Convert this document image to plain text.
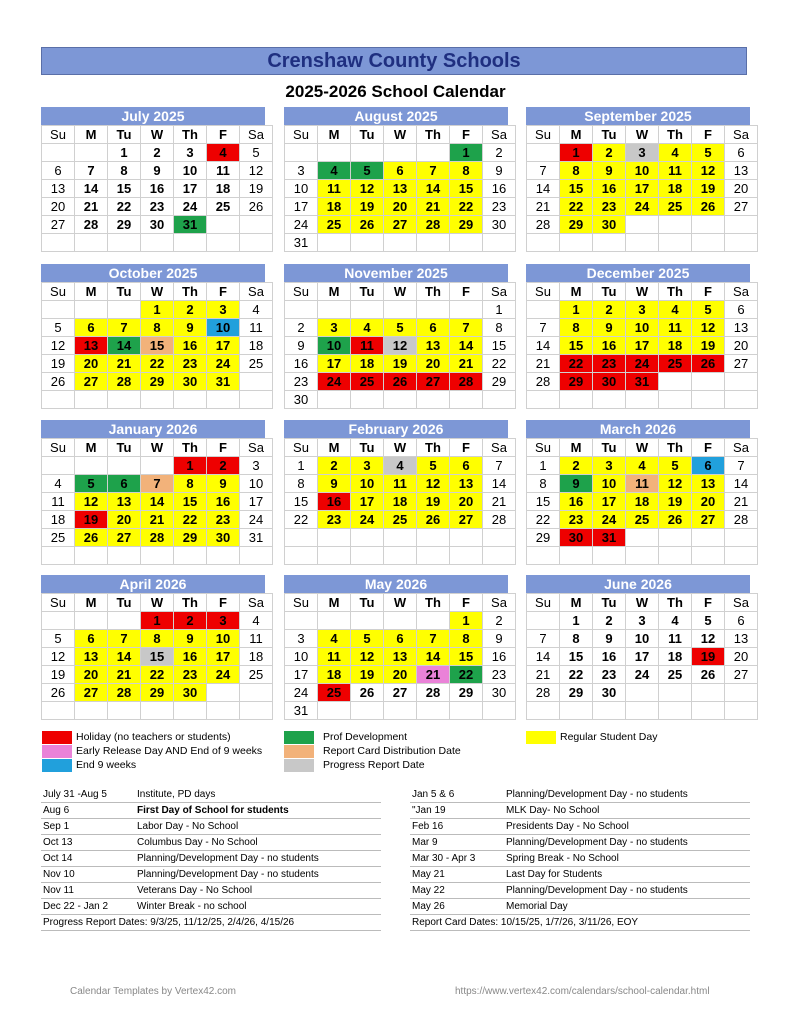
Crenshaw County Schools
2025-2026 School Calendar
July 2025
Su	M	Tu	W	Th	F	Sa
		1	2	3	4	5
6	7	8	9	10	11	12
13	14	15	16	17	18	19
20	21	22	23	24	25	26
27	28	29	30	31		

August 2025
Su	M	Tu	W	Th	F	Sa
					1	2
3	4	5	6	7	8	9
10	11	12	13	14	15	16
17	18	19	20	21	22	23
24	25	26	27	28	29	30
31						
September 2025
Su	M	Tu	W	Th	F	Sa
	1	2	3	4	5	6
7	8	9	10	11	12	13
14	15	16	17	18	19	20
21	22	23	24	25	26	27
28	29	30				

October 2025
Su	M	Tu	W	Th	F	Sa
			1	2	3	4
5	6	7	8	9	10	11
12	13	14	15	16	17	18
19	20	21	22	23	24	25
26	27	28	29	30	31	

November 2025
Su	M	Tu	W	Th	F	Sa
						1
2	3	4	5	6	7	8
9	10	11	12	13	14	15
16	17	18	19	20	21	22
23	24	25	26	27	28	29
30						
December 2025
Su	M	Tu	W	Th	F	Sa
	1	2	3	4	5	6
7	8	9	10	11	12	13
14	15	16	17	18	19	20
21	22	23	24	25	26	27
28	29	30	31			

January 2026
Su	M	Tu	W	Th	F	Sa
				1	2	3
4	5	6	7	8	9	10
11	12	13	14	15	16	17
18	19	20	21	22	23	24
25	26	27	28	29	30	31

February 2026
Su	M	Tu	W	Th	F	Sa
1	2	3	4	5	6	7
8	9	10	11	12	13	14
15	16	17	18	19	20	21
22	23	24	25	26	27	28

March 2026
Su	M	Tu	W	Th	F	Sa
1	2	3	4	5	6	7
8	9	10	11	12	13	14
15	16	17	18	19	20	21
22	23	24	25	26	27	28
29	30	31				

April 2026
Su	M	Tu	W	Th	F	Sa
			1	2	3	4
5	6	7	8	9	10	11
12	13	14	15	16	17	18
19	20	21	22	23	24	25
26	27	28	29	30		

May 2026
Su	M	Tu	W	Th	F	Sa
					1	2
3	4	5	6	7	8	9
10	11	12	13	14	15	16
17	18	19	20	21	22	23
24	25	26	27	28	29	30
31						
June 2026
Su	M	Tu	W	Th	F	Sa
	1	2	3	4	5	6
7	8	9	10	11	12	13
14	15	16	17	18	19	20
21	22	23	24	25	26	27
28	29	30				

Holiday (no teachers or students)
Early Release Day AND End of 9 weeks
End 9 weeks
Prof Development
Report Card Distribution Date
Progress Report Date
Regular Student Day
July 31 -Aug 5	Institute, PD days
Aug 6	First Day of School for students
Sep 1	Labor Day - No School
Oct 13	Columbus Day - No School
Oct 14	Planning/Development Day - no students
Nov 10	Planning/Development Day - no students
Nov 11	Veterans Day - No School
Dec 22 - Jan 2	Winter Break - no school
Progress Report Dates: 9/3/25, 11/12/25, 2/4/26, 4/15/26	
Jan 5 & 6	Planning/Development Day - no students
"Jan 19	MLK Day- No School
Feb 16	Presidents Day - No School
Mar 9	Planning/Development Day - no students
Mar 30 - Apr 3	Spring Break - No School
May 21	Last Day for Students
May 22	Planning/Development Day - no students
May 26	Memorial Day
Report Card Dates: 10/15/25, 1/7/26, 3/11/26, EOY	
Calendar Templates by Vertex42.com	https://www.vertex42.com/calendars/school-calendar.html
